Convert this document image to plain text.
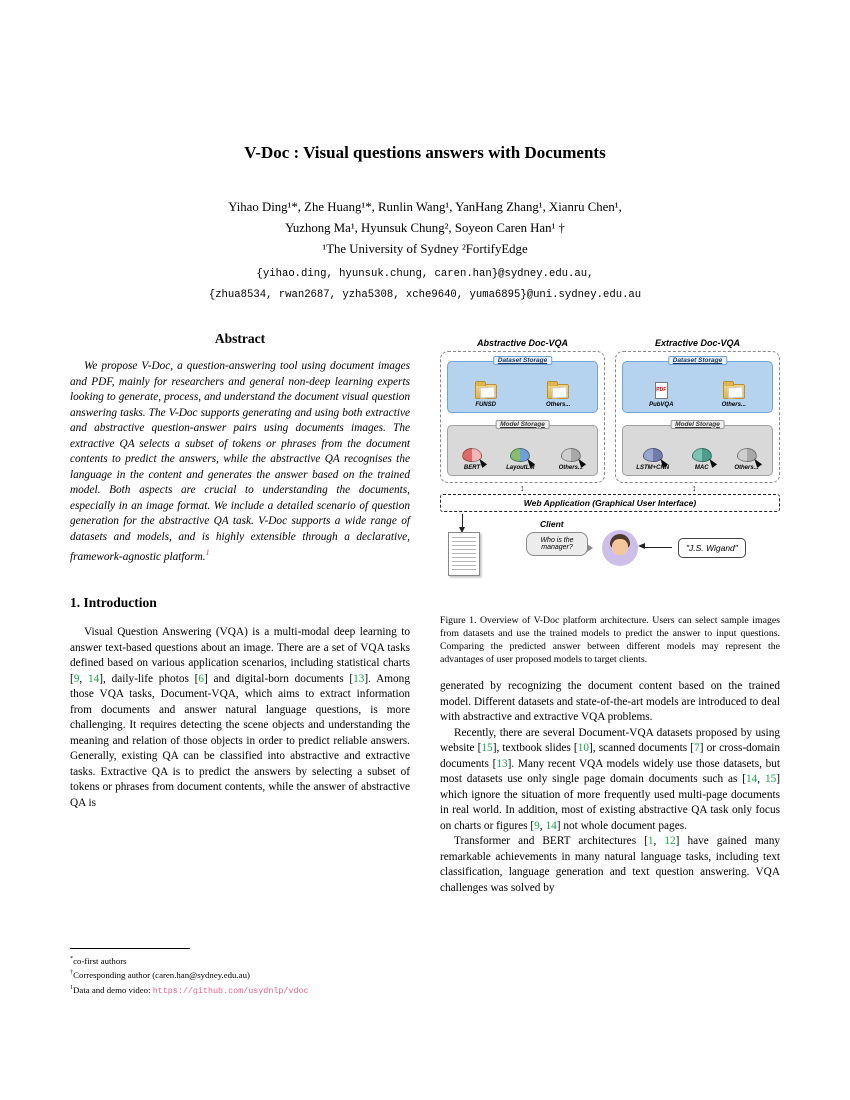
V-Doc : Visual questions answers with Documents
Yihao Ding¹*, Zhe Huang¹*, Runlin Wang¹, YanHang Zhang¹, Xianru Chen¹,
Yuzhong Ma¹, Hyunsuk Chung², Soyeon Caren Han¹ †
¹The University of Sydney ²FortifyEdge
{yihao.ding, hyunsuk.chung, caren.han}@sydney.edu.au,
{zhua8534, rwan2687, yzha5308, xche9640, yuma6895}@uni.sydney.edu.au
Abstract

We propose V-Doc, a question-answering tool using document images and PDF, mainly for researchers and general non-deep learning experts looking to generate, process, and understand the document visual question answering tasks. The V-Doc supports generating and using both extractive and abstractive question-answer pairs using documents images. The extractive QA selects a subset of tokens or phrases from the document contents to predict the answers, while the abstractive QA recognises the language in the content and generates the answer based on the trained model. Both aspects are crucial to understanding the documents, especially in an image format. We include a detailed scenario of question generation for the abstractive QA task. V-Doc supports a wide range of datasets and models, and is highly extensible through a declarative, framework-agnostic platform.$^1$

1. Introduction

Visual Question Answering (VQA) is a multi-modal deep learning to answer text-based questions about an image. There are a set of VQA tasks defined based on various application scenarios, including statistical charts [9, 14], daily-life photos [6] and digital-born documents [13]. Among those VQA tasks, Document-VQA, which aims to extract information from documents and answer natural language questions, is more challenging. It requires detecting the scene objects and understanding the meaning and relation of those objects in order to predict reliable answers. Generally, existing QA can be classified into abstractive and extractive tasks. Extractive QA is to predict the answers by selecting a subset of tokens or phrases from document contents, while the answer of abstractive QA is

Abstractive Doc-VQA
Dataset Storage
FUNSD	Others...
Model Storage
BERT	LayoutLM	Others...
Extractive Doc-VQA
Dataset Storage
PDF
PubVQA	Others...
Model Storage
LSTM+CNN	MAC	Others...
↕	↕
Web Application (Graphical User Interface)
Client
Who is the manager?	"J.S. Wigand"
Figure 1. Overview of V-Doc platform architecture. Users can select sample images from datasets and use the trained models to predict the answer to input questions. Comparing the predicted answer between different models may represent the advantages of user proposed models to target clients.

generated by recognizing the document content based on the trained model. Different datasets and state-of-the-art models are introduced to deal with abstractive and extractive VQA problems.

Recently, there are several Document-VQA datasets proposed by using website [15], textbook slides [10], scanned documents [7] or cross-domain documents [13]. Many recent VQA models widely use those datasets, but most datasets use only single page domain documents such as [14, 15] which ignore the situation of more frequently used multi-page documents in real world. In addition, most of existing abstractive QA task only focus on charts or figures [9, 14] not whole document pages.

Transformer and BERT architectures [1, 12] have gained many remarkable achievements in many natural language tasks, including text classification, language generation and text question answering. VQA challenges was solved by

*co-first authors
†Corresponding author (caren.han@sydney.edu.au)
$^1$Data and demo video: https://github.com/usydnlp/vdoc
